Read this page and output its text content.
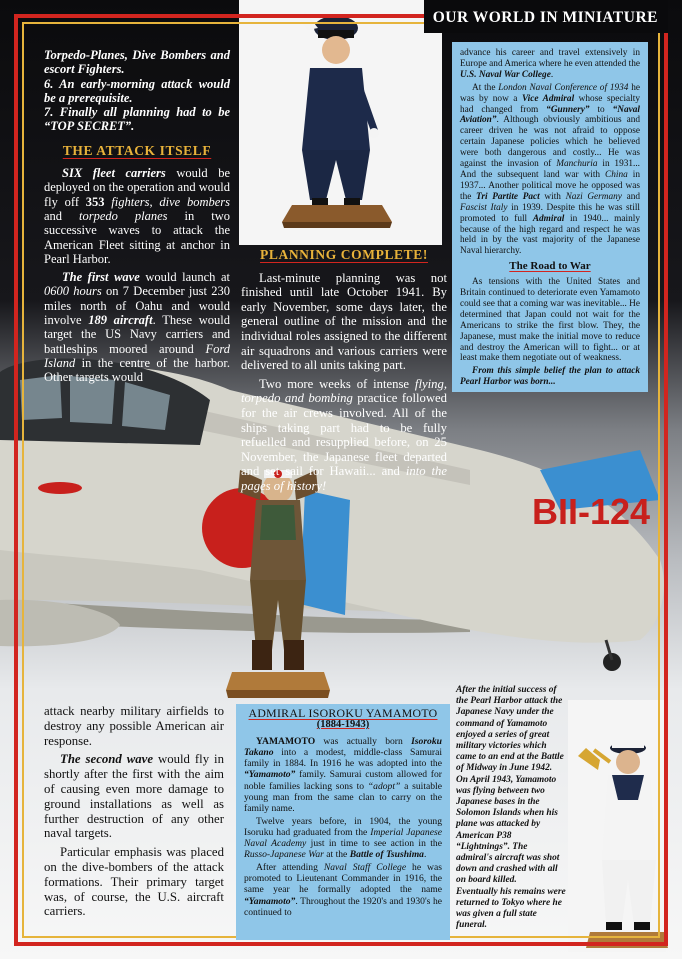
BII-124
OUR WORLD IN MINIATURE
Torpedo-Planes, Dive Bombers and escort Fighters.
6. An early-morning attack would be a prerequisite.
7. Finally all planning had to be “TOP SECRET”.
THE ATTACK ITSELF

SIX fleet carriers would be deployed on the operation and would fly off 353 fighters, dive bombers and torpedo planes in two successive waves to attack the American Fleet sitting at anchor in Pearl Harbor.

The first wave would launch at 0600 hours on 7 December just 230 miles north of Oahu and would involve 189 aircraft. These would target the US Navy carriers and battleships moored around Ford Island in the centre of the harbor. Other targets would

PLANNING COMPLETE!

Last-minute planning was not finished until late October 1941. By early November, some days later, the general outline of the mission and the individual roles assigned to the different air squadrons and various carriers were delivered to all units taking part.

Two more weeks of intense flying, torpedo and bombing practice followed for the air crews involved. All of the ships taking part had to be fully refuelled and resupplied before, on 25 November, the Japanese fleet departed and set sail for Hawaii... and into the pages of history!

advance his career and travel extensively in Europe and America where he even attended the U.S. Naval War College.

At the London Naval Conference of 1934 he was by now a Vice Admiral whose specialty had changed from “Gunnery” to “Naval Aviation”. Although obviously ambitious and career driven he was not afraid to oppose certain Japanese policies which he believed were both dangerous and costly... He was against the invasion of Manchuria in 1931... And the subsequent land war with China in 1937... Another political move he opposed was the Tri Partite Pact with Nazi Germany and Fascist Italy in 1939. Despite this he was still promoted to full Admiral in 1940... mainly because of the high regard and respect he was held in by the vast majority of the Japanese Naval hierarchy.

The Road to War

As tensions with the United States and Britain continued to deteriorate even Yamamoto could see that a coming war was inevitable... He determined that Japan could not wait for the Americans to strike the first blow. They, the Japanese, must make the initial move to reduce and destroy the American will to fight... or at least make them negotiate out of weakness.

From this simple belief the plan to attack Pearl Harbor was born...

attack nearby military airfields to destroy any possible American air response.

The second wave would fly in shortly after the first with the aim of causing even more damage to ground installations as well as further destruction of any other naval targets.

Particular emphasis was placed on the dive-bombers of the attack formations. Their primary target was, of course, the U.S. aircraft carriers.

ADMIRAL ISOROKU YAMAMOTO
(1884-1943)

YAMAMOTO was actually born Isoroku Takano into a modest, middle-class Samurai family in 1884. In 1916 he was adopted into the “Yamamoto” family. Samurai custom allowed for noble families lacking sons to “adopt” a suitable young man from the same clan to carry on the family name.

Twelve years before, in 1904, the young Isoruku had graduated from the Imperial Japanese Naval Academy just in time to see action in the Russo-Japanese War at the Battle of Tsushima.

After attending Naval Staff College he was promoted to Lieutenant Commander in 1916, the same year he formally adopted the name “Yamamoto”. Throughout the 1920's and 1930's he continued to

After the initial success of the Pearl Harbor attack the Japanese Navy under the command of Yamamoto enjoyed a series of great military victories which came to an end at the Battle of Midway in June 1942.
On April 1943, Yamamoto was flying between two Japanese bases in the Solomon Islands when his plane was attacked by American P38 “Lightnings”. The admiral's aircraft was shot down and crashed with all on board killed.
Eventually his remains were returned to Tokyo where he was given a full state funeral.
